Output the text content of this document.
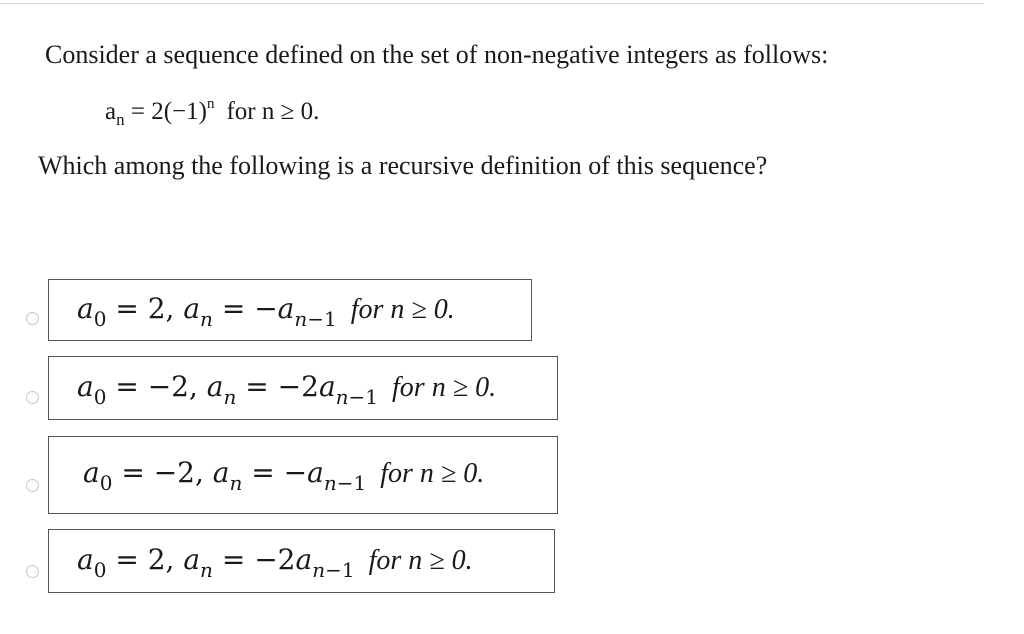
Consider a sequence defined on the set of non-negative integers as follows:
$a_n = 2(-1)^n$ for n ≥ 0.
Which among the following is a recursive definition of this sequence?
$a_0 = 2$, $a_n = -a_{n-1}$ for n ≥ 0.
$a_0 = -2$, $a_n = -2a_{n-1}$ for n ≥ 0.
$a_0 = -2$, $a_n = -a_{n-1}$ for n ≥ 0.
$a_0 = 2$, $a_n = -2a_{n-1}$ for n ≥ 0.
